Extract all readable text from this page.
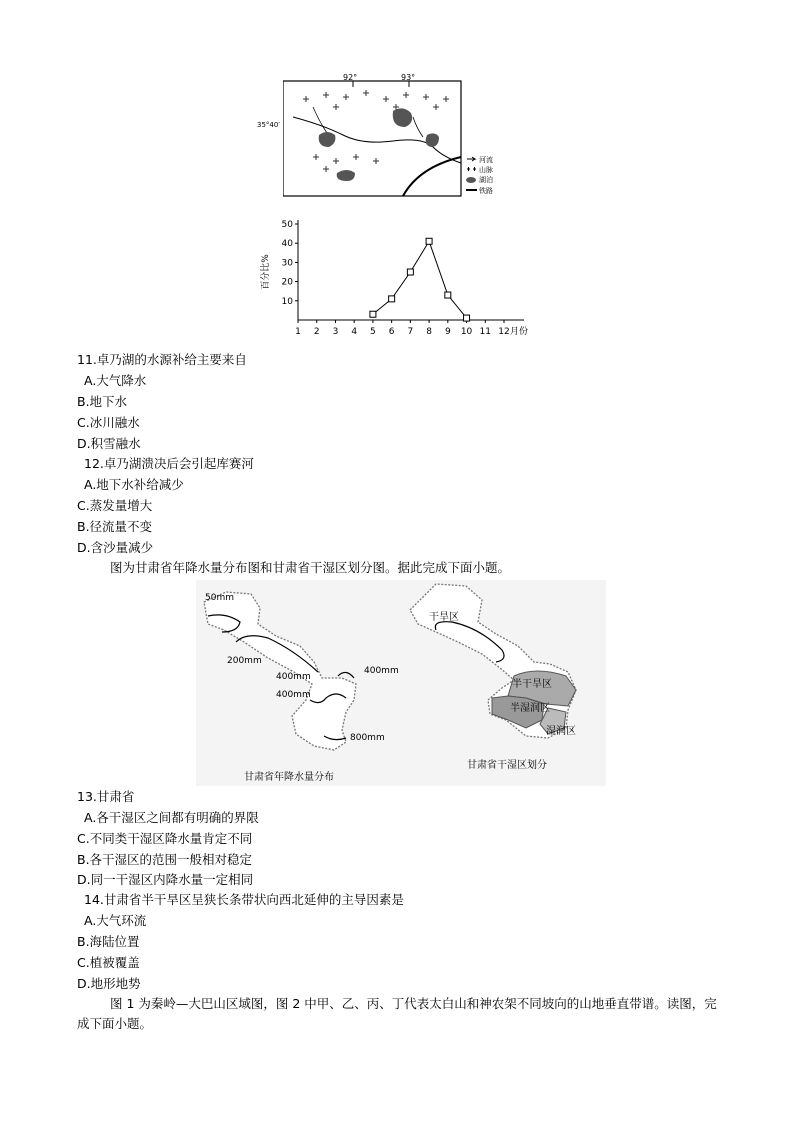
92°	93°
35°40′
河流
山脉
湖泊
铁路
10
20
30
40
50
1 2 3 4 5 6 7 8 9 10 11 12 月份
百分比%
11.卓乃湖的水源补给主要来自
A.大气降水
B.地下水
C.冰川融水
D.积雪融水
12.卓乃湖溃决后会引起库赛河
A.地下水补给减少
C.蒸发量增大
B.径流量不变
D.含沙量减少
图为甘肃省年降水量分布图和甘肃省干湿区划分图。据此完成下面小题。
50mm
200mm
400mm
400mm
400mm
800mm
干旱区
半干旱区
半湿润区
湿润区
甘肃省年降水量分布
甘肃省干湿区划分
13.甘肃省
A.各干湿区之间都有明确的界限
C.不同类干湿区降水量肯定不同
B.各干湿区的范围一般相对稳定
D.同一干湿区内降水量一定相同
14.甘肃省半干旱区呈狭长条带状向西北延伸的主导因素是
A.大气环流
B.海陆位置
C.植被覆盖
D.地形地势
图 1 为秦岭—大巴山区域图，图 2 中甲、乙、丙、丁代表太白山和神农架不同坡向的山地垂直带谱。读图，完成下面小题。
